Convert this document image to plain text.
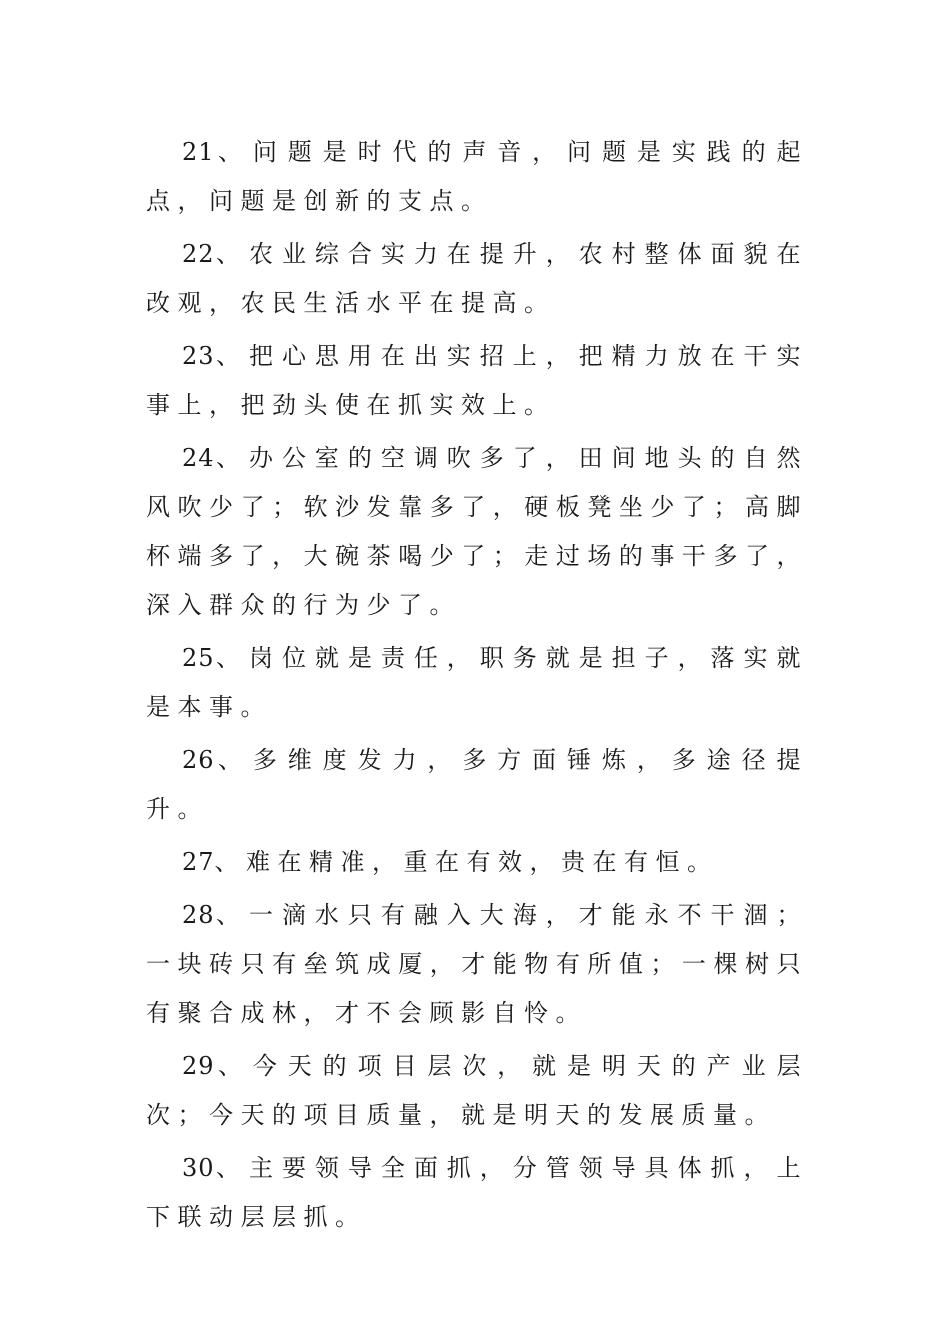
21、问题是时代的声音，问题是实践的起点，问题是创新的支点。

22、农业综合实力在提升，农村整体面貌在改观，农民生活水平在提高。

23、把心思用在出实招上，把精力放在干实事上，把劲头使在抓实效上。

24、办公室的空调吹多了，田间地头的自然风吹少了；软沙发靠多了，硬板凳坐少了；高脚杯端多了，大碗茶喝少了；走过场的事干多了，深入群众的行为少了。

25、岗位就是责任，职务就是担子，落实就是本事。

26、多维度发力，多方面锤炼，多途径提升。

27、难在精准，重在有效，贵在有恒。

28、一滴水只有融入大海，才能永不干涸；一块砖只有垒筑成厦，才能物有所值；一棵树只有聚合成林，才不会顾影自怜。

29、今天的项目层次，就是明天的产业层次；今天的项目质量，就是明天的发展质量。

30、主要领导全面抓，分管领导具体抓，上下联动层层抓。
